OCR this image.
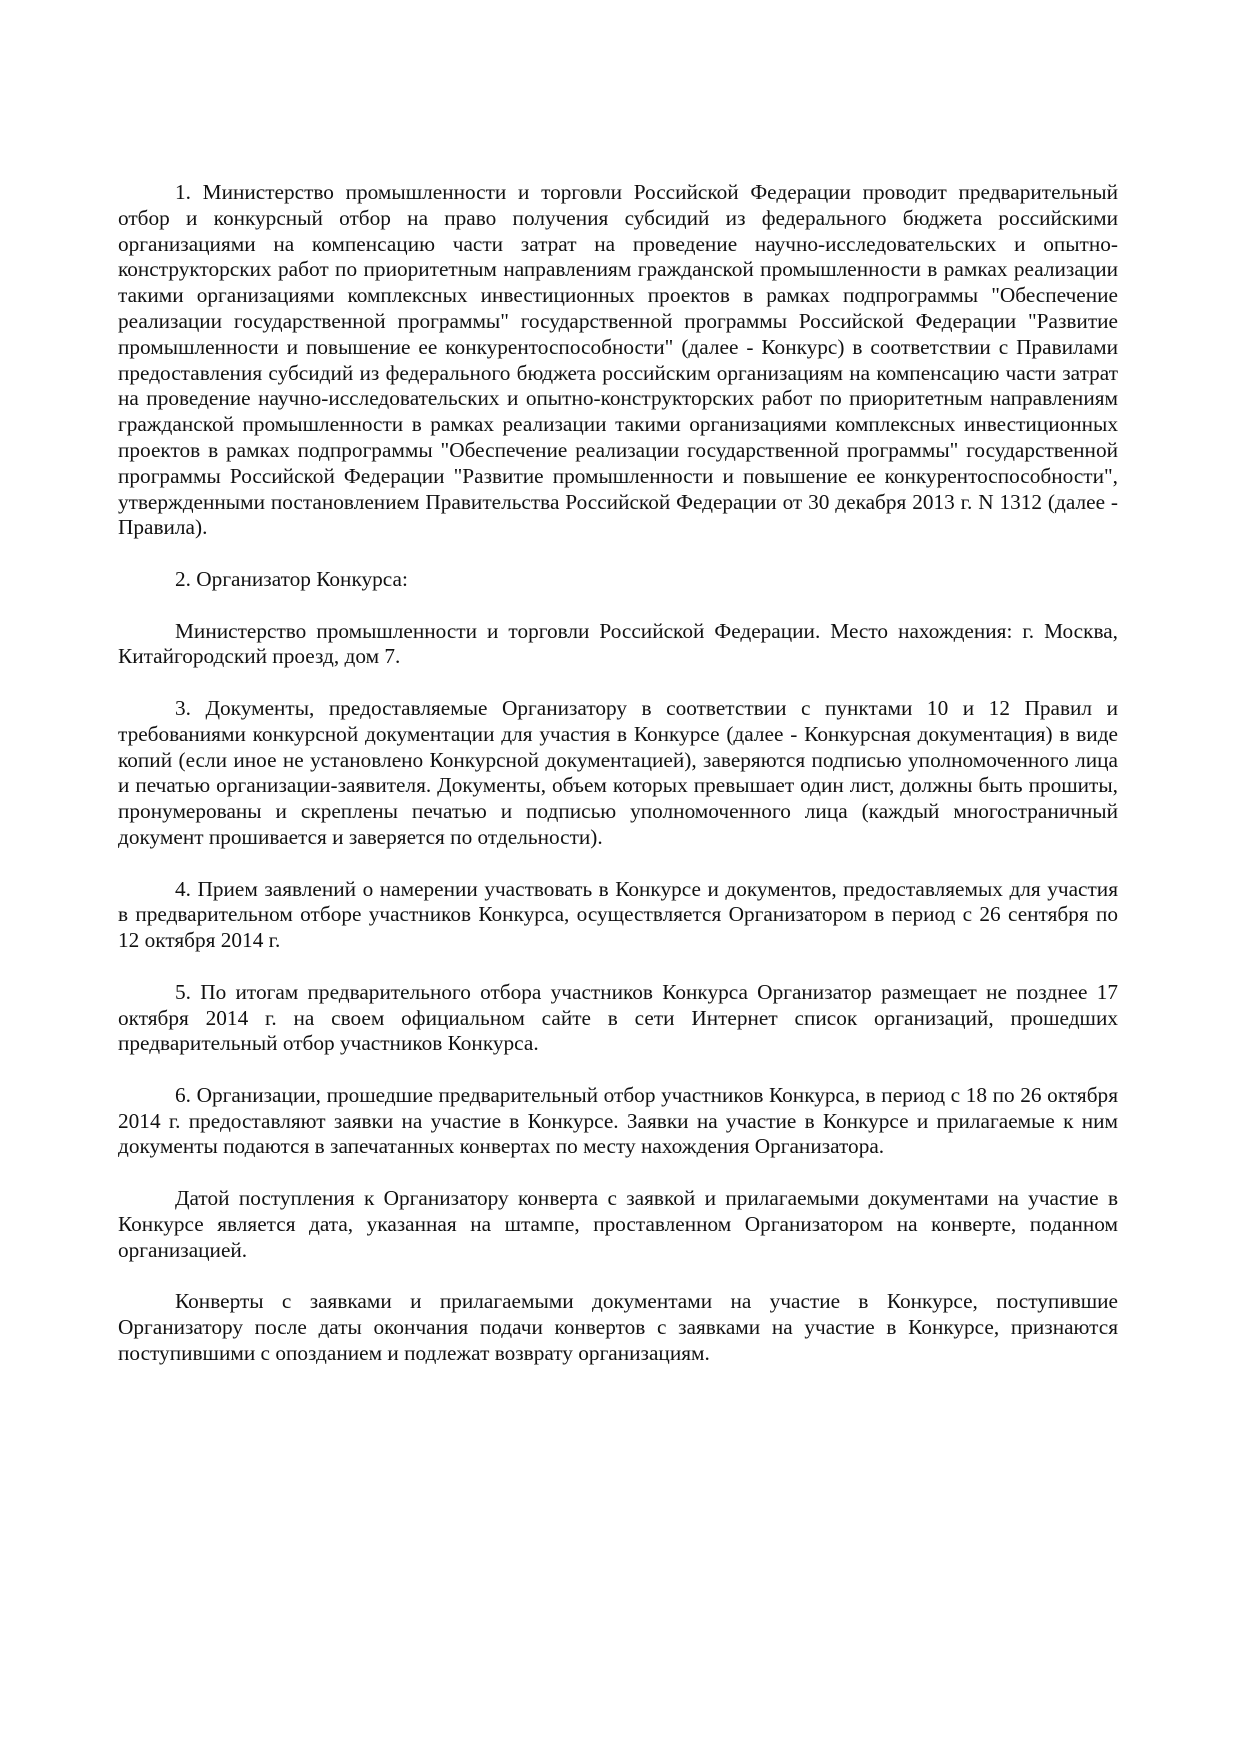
1. Министерство промышленности и торговли Российской Федерации проводит предварительный отбор и конкурсный отбор на право получения субсидий из федерального бюджета российскими организациями на компенсацию части затрат на проведение научно-исследовательских и опытно-конструкторских работ по приоритетным направлениям гражданской промышленности в рамках реализации такими организациями комплексных инвестиционных проектов в рамках подпрограммы "Обеспечение реализации государственной программы" государственной программы Российской Федерации "Развитие промышленности и повышение ее конкурентоспособности" (далее - Конкурс) в соответствии с Правилами предоставления субсидий из федерального бюджета российским организациям на компенсацию части затрат на проведение научно-исследовательских и опытно-конструкторских работ по приоритетным направлениям гражданской промышленности в рамках реализации такими организациями комплексных инвестиционных проектов в рамках подпрограммы "Обеспечение реализации государственной программы" государственной программы Российской Федерации "Развитие промышленности и повышение ее конкурентоспособности", утвержденными постановлением Правительства Российской Федерации от 30 декабря 2013 г. N 1312 (далее - Правила).

2. Организатор Конкурса:

Министерство промышленности и торговли Российской Федерации. Место нахождения: г. Москва, Китайгородский проезд, дом 7.

3. Документы, предоставляемые Организатору в соответствии с пунктами 10 и 12 Правил и требованиями конкурсной документации для участия в Конкурсе (далее - Конкурсная документация) в виде копий (если иное не установлено Конкурсной документацией), заверяются подписью уполномоченного лица и печатью организации-заявителя. Документы, объем которых превышает один лист, должны быть прошиты, пронумерованы и скреплены печатью и подписью уполномоченного лица (каждый многостраничный документ прошивается и заверяется по отдельности).

4. Прием заявлений о намерении участвовать в Конкурсе и документов, предоставляемых для участия в предварительном отборе участников Конкурса, осуществляется Организатором в период с 26 сентября по 12 октября 2014 г.

5. По итогам предварительного отбора участников Конкурса Организатор размещает не позднее 17 октября 2014 г. на своем официальном сайте в сети Интернет список организаций, прошедших предварительный отбор участников Конкурса.

6. Организации, прошедшие предварительный отбор участников Конкурса, в период с 18 по 26 октября 2014 г. предоставляют заявки на участие в Конкурсе. Заявки на участие в Конкурсе и прилагаемые к ним документы подаются в запечатанных конвертах по месту нахождения Организатора.

Датой поступления к Организатору конверта с заявкой и прилагаемыми документами на участие в Конкурсе является дата, указанная на штампе, проставленном Организатором на конверте, поданном организацией.

Конверты с заявками и прилагаемыми документами на участие в Конкурсе, поступившие Организатору после даты окончания подачи конвертов с заявками на участие в Конкурсе, признаются поступившими с опозданием и подлежат возврату организациям.
